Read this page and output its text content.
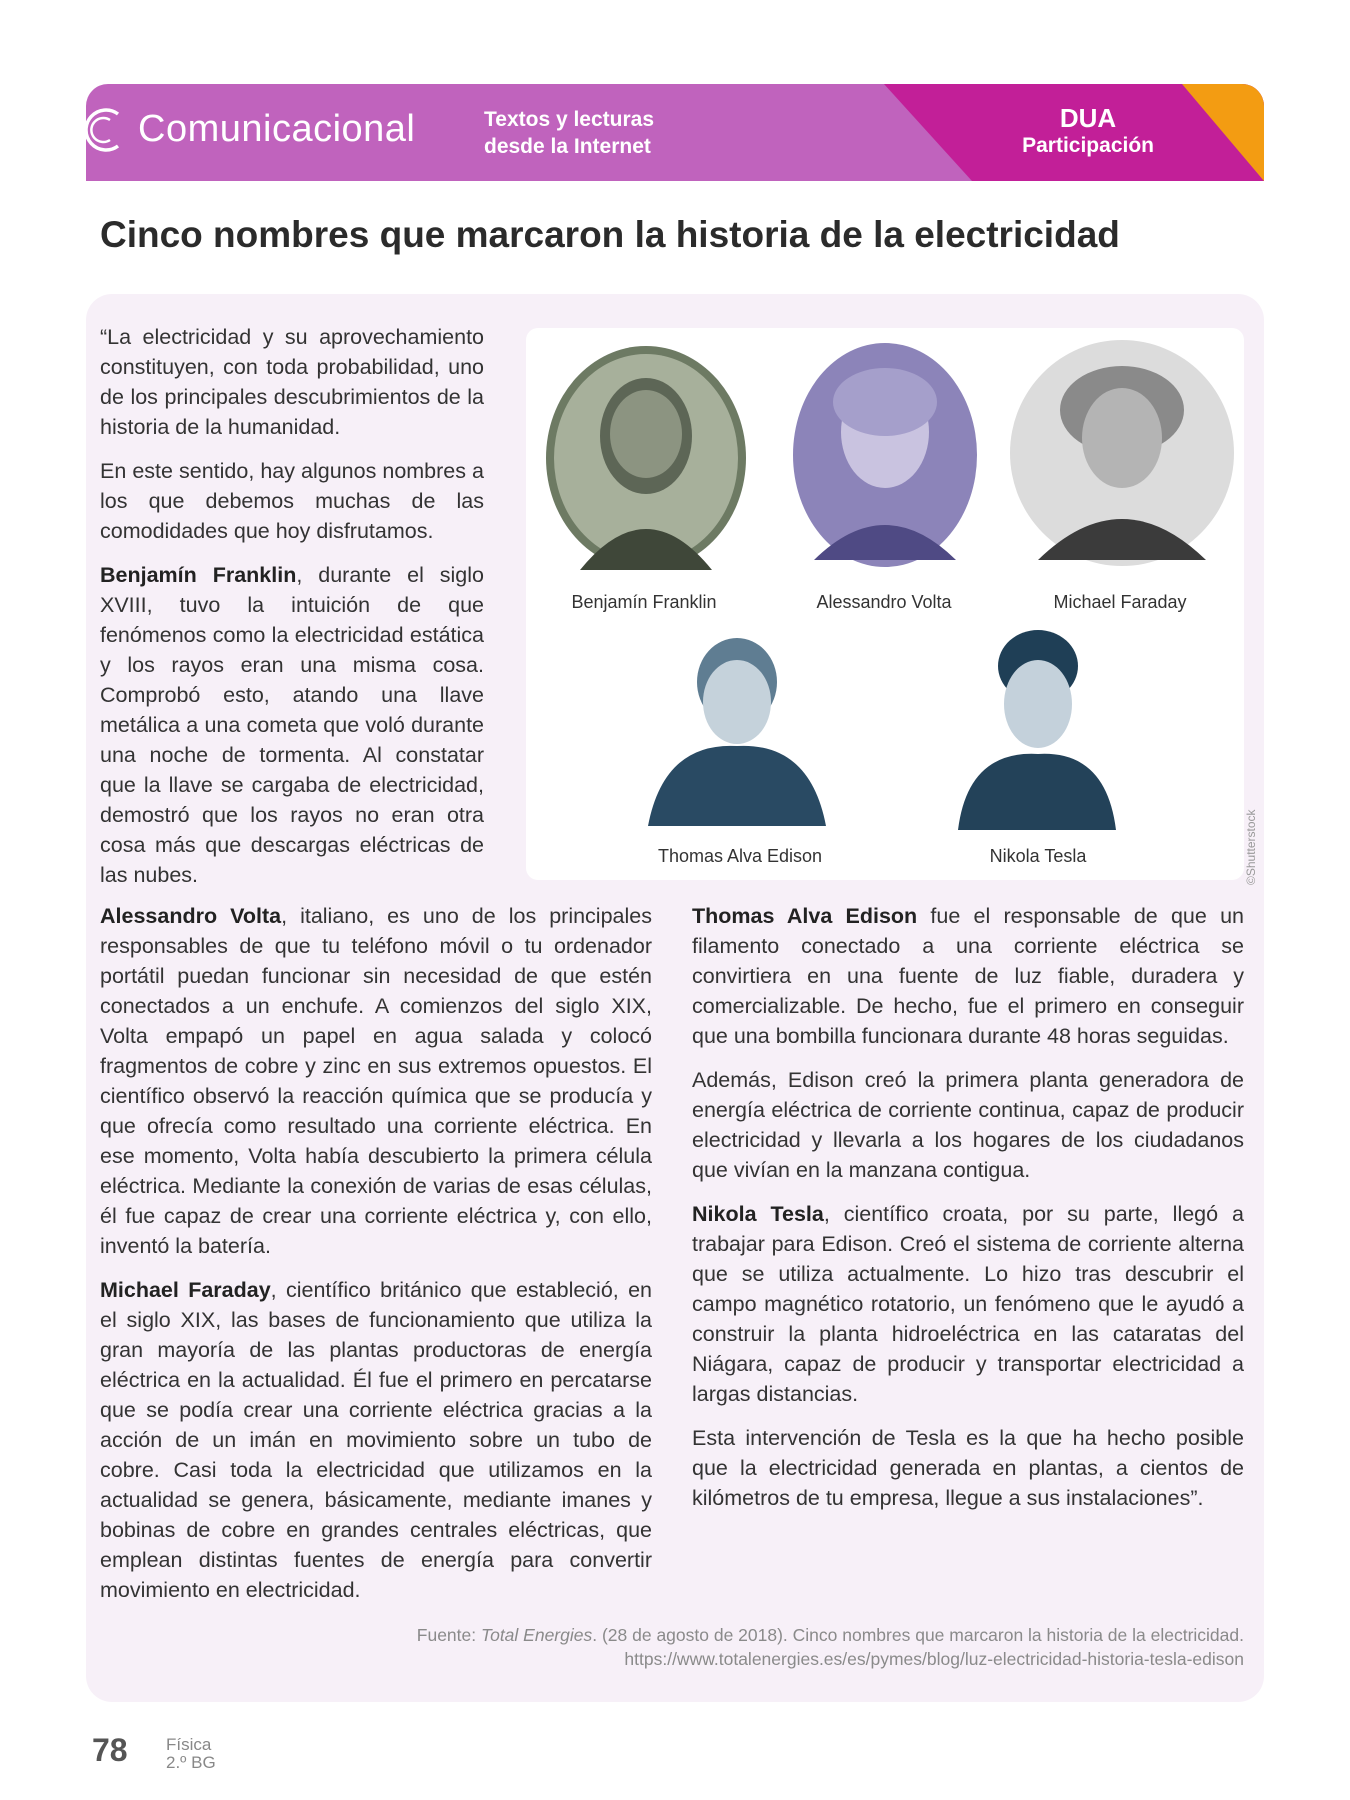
Comunicacional	Textos y lecturas
desde la Internet
DUA
Participación
Cinco nombres que marcaron la historia de la electricidad

“La electricidad y su aprovechamiento constituyen, con toda probabilidad, uno de los principales descubrimientos de la historia de la humanidad.

En este sentido, hay algunos nombres a los que debemos muchas de las comodidades que hoy disfrutamos.

Benjamín Franklin, durante el siglo XVIII, tuvo la intuición de que fenómenos como la electricidad estática y los rayos eran una misma cosa. Comprobó esto, atando una llave metálica a una cometa que voló durante una noche de tormenta. Al constatar que la llave se cargaba de electricidad, demostró que los rayos no eran otra cosa más que descargas eléctricas de las nubes.

Benjamín Franklin	Alessandro Volta	Michael Faraday
Thomas Alva Edison	Nikola Tesla	©Shutterstock

Alessandro Volta, italiano, es uno de los principales responsables de que tu teléfono móvil o tu ordenador portátil puedan funcionar sin necesidad de que estén conectados a un enchufe. A comienzos del siglo XIX, Volta empapó un papel en agua salada y colocó fragmentos de cobre y zinc en sus extremos opuestos. El científico observó la reacción química que se producía y que ofrecía como resultado una corriente eléctrica. En ese momento, Volta había descubierto la primera célula eléctrica. Mediante la conexión de varias de esas células, él fue capaz de crear una corriente eléctrica y, con ello, inventó la batería.

Michael Faraday, científico británico que estableció, en el siglo XIX, las bases de funcionamiento que utiliza la gran mayoría de las plantas productoras de energía eléctrica en la actualidad. Él fue el primero en percatarse que se podía crear una corriente eléctrica gracias a la acción de un imán en movimiento sobre un tubo de cobre. Casi toda la electricidad que utilizamos en la actualidad se genera, básicamente, mediante imanes y bobinas de cobre en grandes centrales eléctricas, que emplean distintas fuentes de energía para convertir movimiento en electricidad.

Thomas Alva Edison fue el responsable de que un filamento conectado a una corriente eléctrica se convirtiera en una fuente de luz fiable, duradera y comercializable. De hecho, fue el primero en conseguir que una bombilla funcionara durante 48 horas seguidas.

Además, Edison creó la primera planta generadora de energía eléctrica de corriente continua, capaz de producir electricidad y llevarla a los hogares de los ciudadanos que vivían en la manzana contigua.

Nikola Tesla, científico croata, por su parte, llegó a trabajar para Edison. Creó el sistema de corriente alterna que se utiliza actualmente. Lo hizo tras descubrir el campo magnético rotatorio, un fenómeno que le ayudó a construir la planta hidroeléctrica en las cataratas del Niágara, capaz de producir y transportar electricidad a largas distancias.

Esta intervención de Tesla es la que ha hecho posible que la electricidad generada en plantas, a cientos de kilómetros de tu empresa, llegue a sus instalaciones”.

Fuente: Total Energies. (28 de agosto de 2018). Cinco nombres que marcaron la historia de la electricidad.
https://www.totalenergies.es/es/pymes/blog/luz-electricidad-historia-tesla-edison
78 Física
2.º BG
